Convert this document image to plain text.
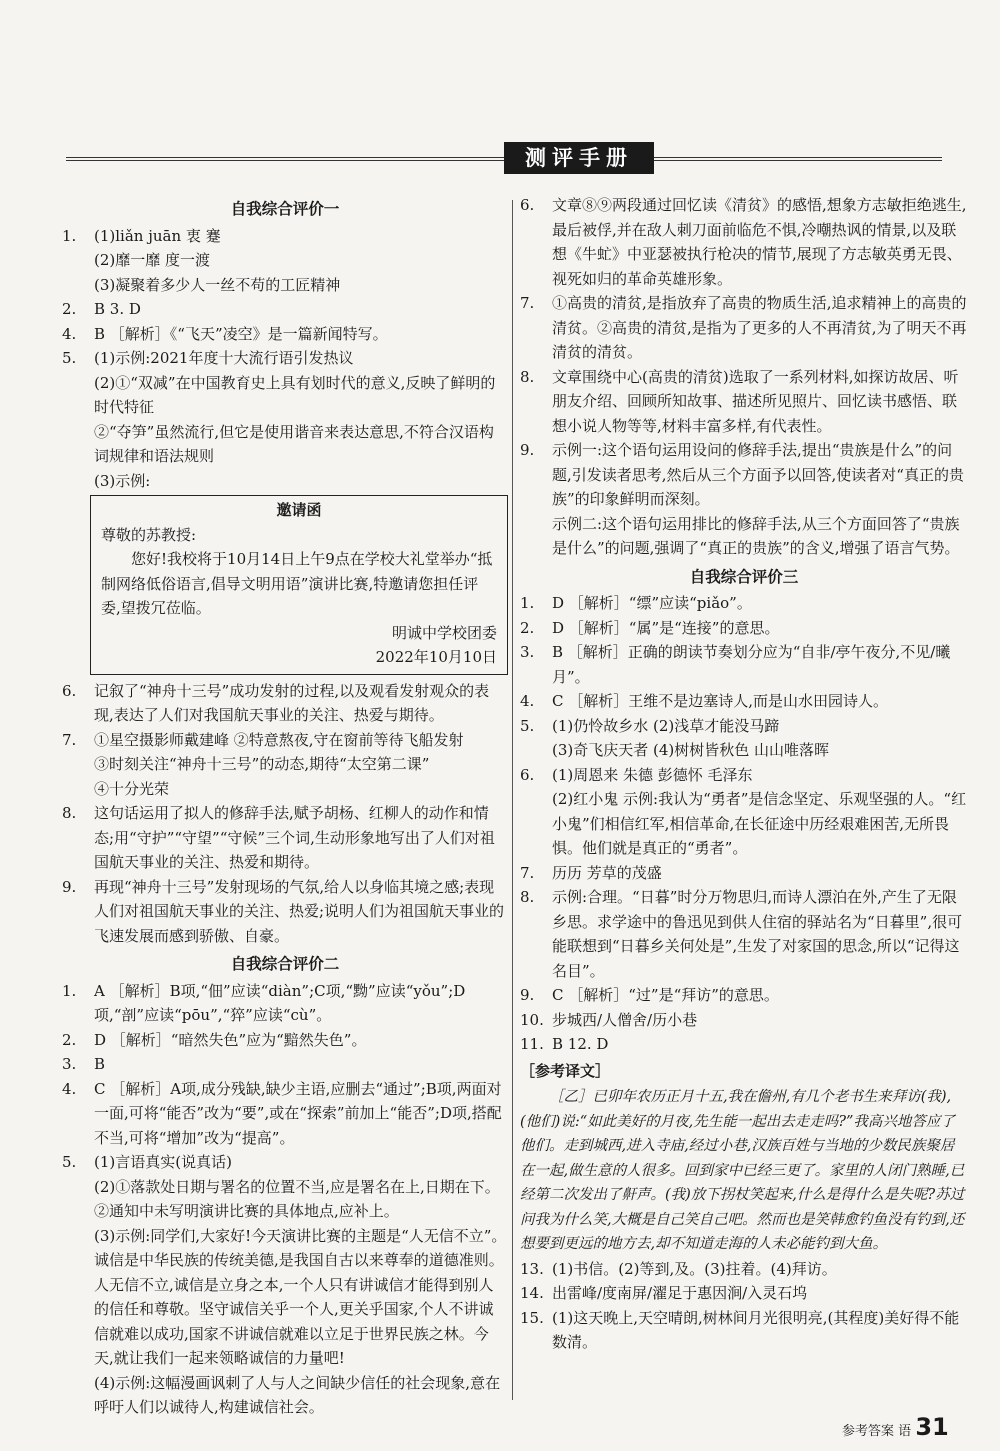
测评手册
自我综合评价一
1.	(1)liǎn juān 衷 蹇
(2)靡一靡 度一渡
(3)凝聚着多少人一丝不苟的工匠精神
2.	B 3. D
4.	B ［解析］《“飞天”凌空》是一篇新闻特写。
5.	(1)示例:2021年度十大流行语引发热议
(2)①“双减”在中国教育史上具有划时代的意义,反映了鲜明的时代特征
②“夺笋”虽然流行,但它是使用谐音来表达意思,不符合汉语构词规律和语法规则
(3)示例:
邀请函
尊敬的苏教授:
您好!我校将于10月14日上午9点在学校大礼堂举办“抵制网络低俗语言,倡导文明用语”演讲比赛,特邀请您担任评委,望拨冗莅临。
明诚中学校团委
2022年10月10日
6.	记叙了“神舟十三号”成功发射的过程,以及观看发射观众的表现,表达了人们对我国航天事业的关注、热爱与期待。
7.	①星空摄影师戴建峰 ②特意熬夜,守在窗前等待飞船发射
③时刻关注“神舟十三号”的动态,期待“太空第二课”
④十分光荣
8.	这句话运用了拟人的修辞手法,赋予胡杨、红柳人的动作和情态;用“守护”“守望”“守候”三个词,生动形象地写出了人们对祖国航天事业的关注、热爱和期待。
9.	再现“神舟十三号”发射现场的气氛,给人以身临其境之感;表现人们对祖国航天事业的关注、热爱;说明人们为祖国航天事业的飞速发展而感到骄傲、自豪。
自我综合评价二
1.	A ［解析］B项,“佃”应读“diàn”;C项,“黝”应读“yǒu”;D项,“剖”应读“pōu”,“猝”应读“cù”。
2.	D ［解析］“暗然失色”应为“黯然失色”。
3.	B
4.	C ［解析］A项,成分残缺,缺少主语,应删去“通过”;B项,两面对一面,可将“能否”改为“要”,或在“探索”前加上“能否”;D项,搭配不当,可将“增加”改为“提高”。
5.	(1)言语真实(说真话)
(2)①落款处日期与署名的位置不当,应是署名在上,日期在下。
②通知中未写明演讲比赛的具体地点,应补上。
(3)示例:同学们,大家好!今天演讲比赛的主题是“人无信不立”。诚信是中华民族的传统美德,是我国自古以来尊奉的道德准则。人无信不立,诚信是立身之本,一个人只有讲诚信才能得到别人的信任和尊敬。坚守诚信关乎一个人,更关乎国家,个人不讲诚信就难以成功,国家不讲诚信就难以立足于世界民族之林。今天,就让我们一起来领略诚信的力量吧!
(4)示例:这幅漫画讽刺了人与人之间缺少信任的社会现象,意在呼吁人们以诚待人,构建诚信社会。
6.	文章⑧⑨两段通过回忆读《清贫》的感悟,想象方志敏拒绝逃生,最后被俘,并在敌人刺刀面前临危不惧,冷嘲热讽的情景,以及联想《牛虻》中亚瑟被执行枪决的情节,展现了方志敏英勇无畏、视死如归的革命英雄形象。
7.	①高贵的清贫,是指放弃了高贵的物质生活,追求精神上的高贵的清贫。②高贵的清贫,是指为了更多的人不再清贫,为了明天不再清贫的清贫。
8.	文章围绕中心(高贵的清贫)选取了一系列材料,如探访故居、听朋友介绍、回顾所知故事、描述所见照片、回忆读书感悟、联想小说人物等等,材料丰富多样,有代表性。
9.	示例一:这个语句运用设问的修辞手法,提出“贵族是什么”的问题,引发读者思考,然后从三个方面予以回答,使读者对“真正的贵族”的印象鲜明而深刻。
示例二:这个语句运用排比的修辞手法,从三个方面回答了“贵族是什么”的问题,强调了“真正的贵族”的含义,增强了语言气势。
自我综合评价三
1.	D ［解析］“缥”应读“piǎo”。
2.	D ［解析］“属”是“连接”的意思。
3.	B ［解析］正确的朗读节奏划分应为“自非/亭午夜分,不见/曦月”。
4.	C ［解析］王维不是边塞诗人,而是山水田园诗人。
5.	(1)仍怜故乡水 (2)浅草才能没马蹄
(3)奇飞庆天者 (4)树树皆秋色 山山唯落晖
6.	(1)周恩来 朱德 彭德怀 毛泽东
(2)红小鬼 示例:我认为“勇者”是信念坚定、乐观坚强的人。“红小鬼”们相信红军,相信革命,在长征途中历经艰难困苦,无所畏惧。他们就是真正的“勇者”。
7.	历历 芳草的茂盛
8.	示例:合理。“日暮”时分万物思归,而诗人漂泊在外,产生了无限乡思。求学途中的鲁迅见到供人住宿的驿站名为“日暮里”,很可能联想到“日暮乡关何处是”,生发了对家国的思念,所以“记得这名目”。
9.	C ［解析］“过”是“拜访”的意思。
10. 步城西/人僧舍/历小巷
11. B 12. D
［参考译文］
［乙］已卯年农历正月十五,我在儋州,有几个老书生来拜访(我),(他们)说:“如此美好的月夜,先生能一起出去走走吗?”我高兴地答应了他们。走到城西,进入寺庙,经过小巷,汉族百姓与当地的少数民族聚居在一起,做生意的人很多。回到家中已经三更了。家里的人闭门熟睡,已经第二次发出了鼾声。(我)放下拐杖笑起来,什么是得什么是失呢?苏过问我为什么笑,大概是自己笑自己吧。然而也是笑韩愈钓鱼没有钓到,还想要到更远的地方去,却不知道走海的人未必能钓到大鱼。
13. (1)书信。(2)等到,及。(3)拄着。(4)拜访。
14. 出雷峰/度南屏/濯足于惠因涧/入灵石坞
15. (1)这天晚上,天空晴朗,树林间月光很明亮,(其程度)美好得不能数清。
参考答案 语 31
